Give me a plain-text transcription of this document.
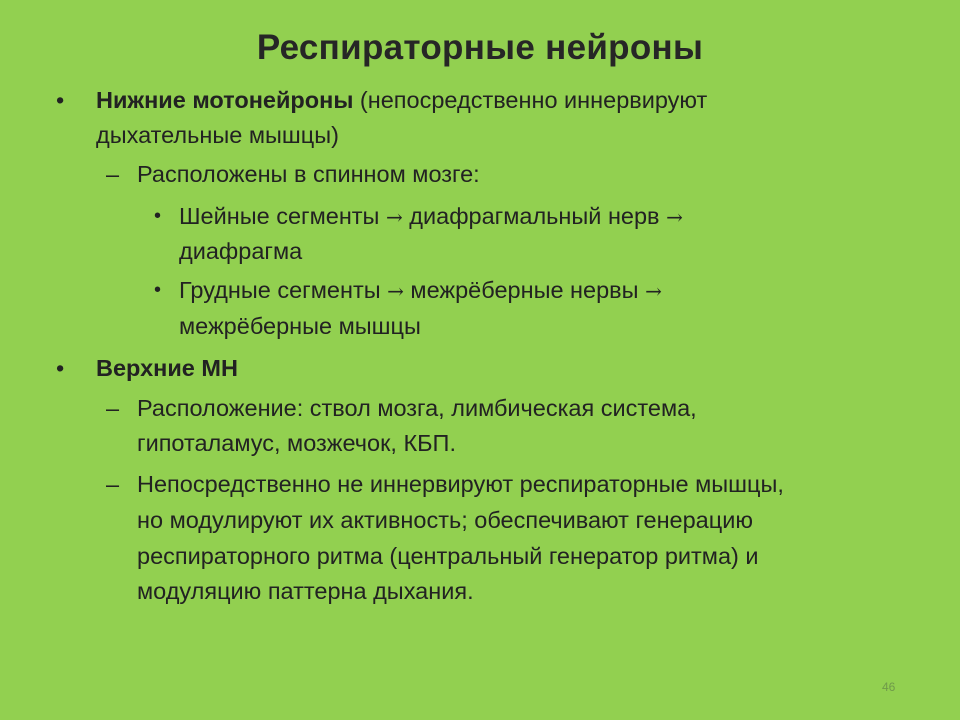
Респираторные нейроны
• Нижние мотонейроны (непосредственно иннервируют
дыхательные мышцы)
– Расположены в спинном мозге:
• Шейные сегменты → диафрагмальный нерв →
диафрагма
• Грудные сегменты → межрёберные нервы →
межрёберные мышцы
• Верхние МН
– Расположение: ствол мозга, лимбическая система,
гипоталамус, мозжечок, КБП.
– Непосредственно не иннервируют респираторные мышцы,
но модулируют их активность; обеспечивают генерацию
респираторного ритма (центральный генератор ритма) и
модуляцию паттерна дыхания.
46
